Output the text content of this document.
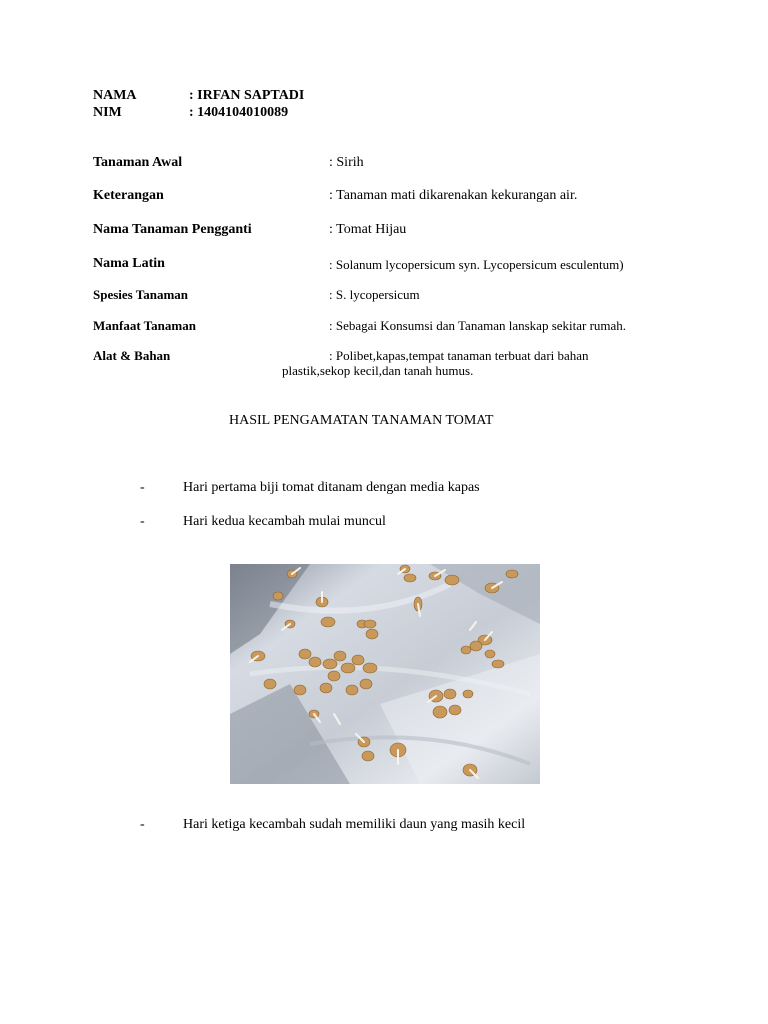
NAMA	: IRFAN SAPTADI
NIM	: 1404104010089
Tanaman Awal	: Sirih
Keterangan	: Tanaman mati dikarenakan kekurangan air.
Nama Tanaman Pengganti	: Tomat Hijau
Nama Latin	: Solanum lycopersicum syn. Lycopersicum esculentum)
Spesies Tanaman	: S. lycopersicum
Manfaat Tanaman	: Sebagai Konsumsi dan Tanaman lanskap sekitar rumah.
Alat & Bahan	: Polibet,kapas,tempat tanaman terbuat dari bahan
plastik,sekop kecil,dan tanah humus.
HASIL PENGAMATAN TANAMAN TOMAT
-	Hari pertama biji tomat ditanam dengan media kapas
-	Hari kedua kecambah mulai muncul
-	Hari ketiga kecambah sudah memiliki daun yang masih kecil
